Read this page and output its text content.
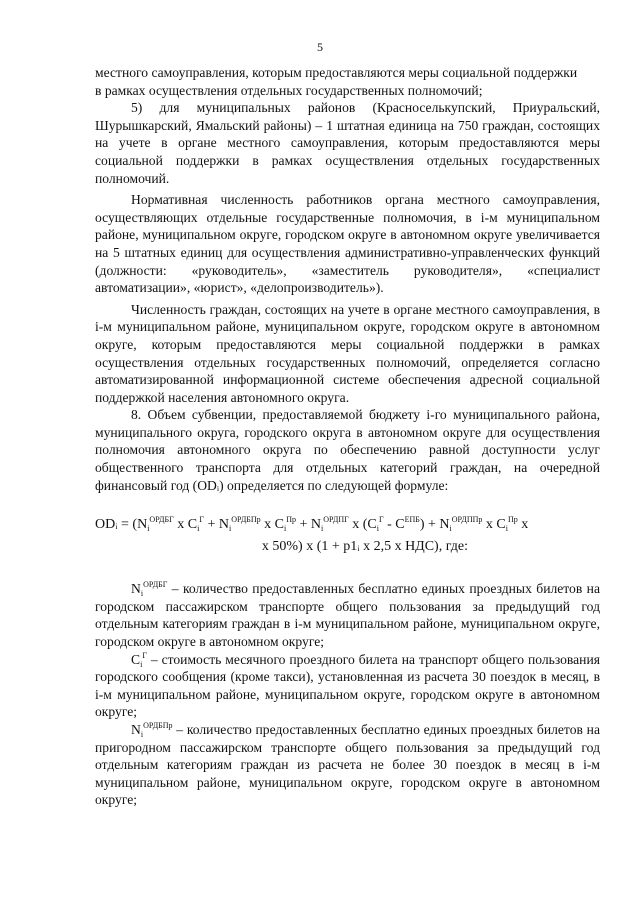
5

местного самоуправления, которым предоставляются меры социальной поддержки

в рамках осуществления отдельных государственных полномочий;

5) для муниципальных районов (Красноселькупский, Приуральский, Шурышкарский, Ямальский районы) – 1 штатная единица на 750 граждан, состоящих на учете в органе местного самоуправления, которым предоставляются меры социальной поддержки в рамках осуществления отдельных государственных полномочий.

Нормативная численность работников органа местного самоуправления, осуществляющих отдельные государственные полномочия, в i-м муниципальном районе, муниципальном округе, городском округе в автономном округе увеличивается на 5 штатных единиц для осуществления административно-управленческих функций (должности: «руководитель», «заместитель руководителя», «специалист автоматизации», «юрист», «делопроизводитель»).

Численность граждан, состоящих на учете в органе местного самоуправления, в i-м муниципальном районе, муниципальном округе, городском округе в автономном округе, которым предоставляются меры социальной поддержки в рамках осуществления отдельных государственных полномочий, определяется согласно автоматизированной информационной системе обеспечения адресной социальной поддержкой населения автономного округа.

8. Объем субвенции, предоставляемой бюджету i-го муниципального района, муниципального округа, городского округа в автономном округе для осуществления полномочия автономного округа по обеспечению равной доступности услуг общественного транспорта для отдельных категорий граждан, на очередной финансовый год (ODᵢ) определяется по следующей формуле:

ODᵢ = ($N_i^{ОРДБГ}$ x $C_i^Г + N_i^{ОРДБПр}$ x $C_i^{Пр} + N_i^{ОРДПГ}$ x $(C_i^Г - C^{ЕПБ}) + N_i^{ОРДППр}$ x $C_i^{Пр}$ x
x 50%) x (1 + p1ᵢ x 2,5 x НДС), где:

$N_i^{ОРДБГ}$ – количество предоставленных бесплатно единых проездных билетов на городском пассажирском транспорте общего пользования за предыдущий год отдельным категориям граждан в i-м муниципальном районе, муниципальном округе, городском округе в автономном округе;

$C_i^Г$ – стоимость месячного проездного билета на транспорт общего пользования городского сообщения (кроме такси), установленная из расчета 30 поездок в месяц, в i-м муниципальном районе, муниципальном округе, городском округе в автономном округе;

$N_i^{ОРДБПр}$ – количество предоставленных бесплатно единых проездных билетов на пригородном пассажирском транспорте общего пользования за предыдущий год отдельным категориям граждан из расчета не более 30 поездок в месяц в i-м муниципальном районе, муниципальном округе, городском округе в автономном округе;
